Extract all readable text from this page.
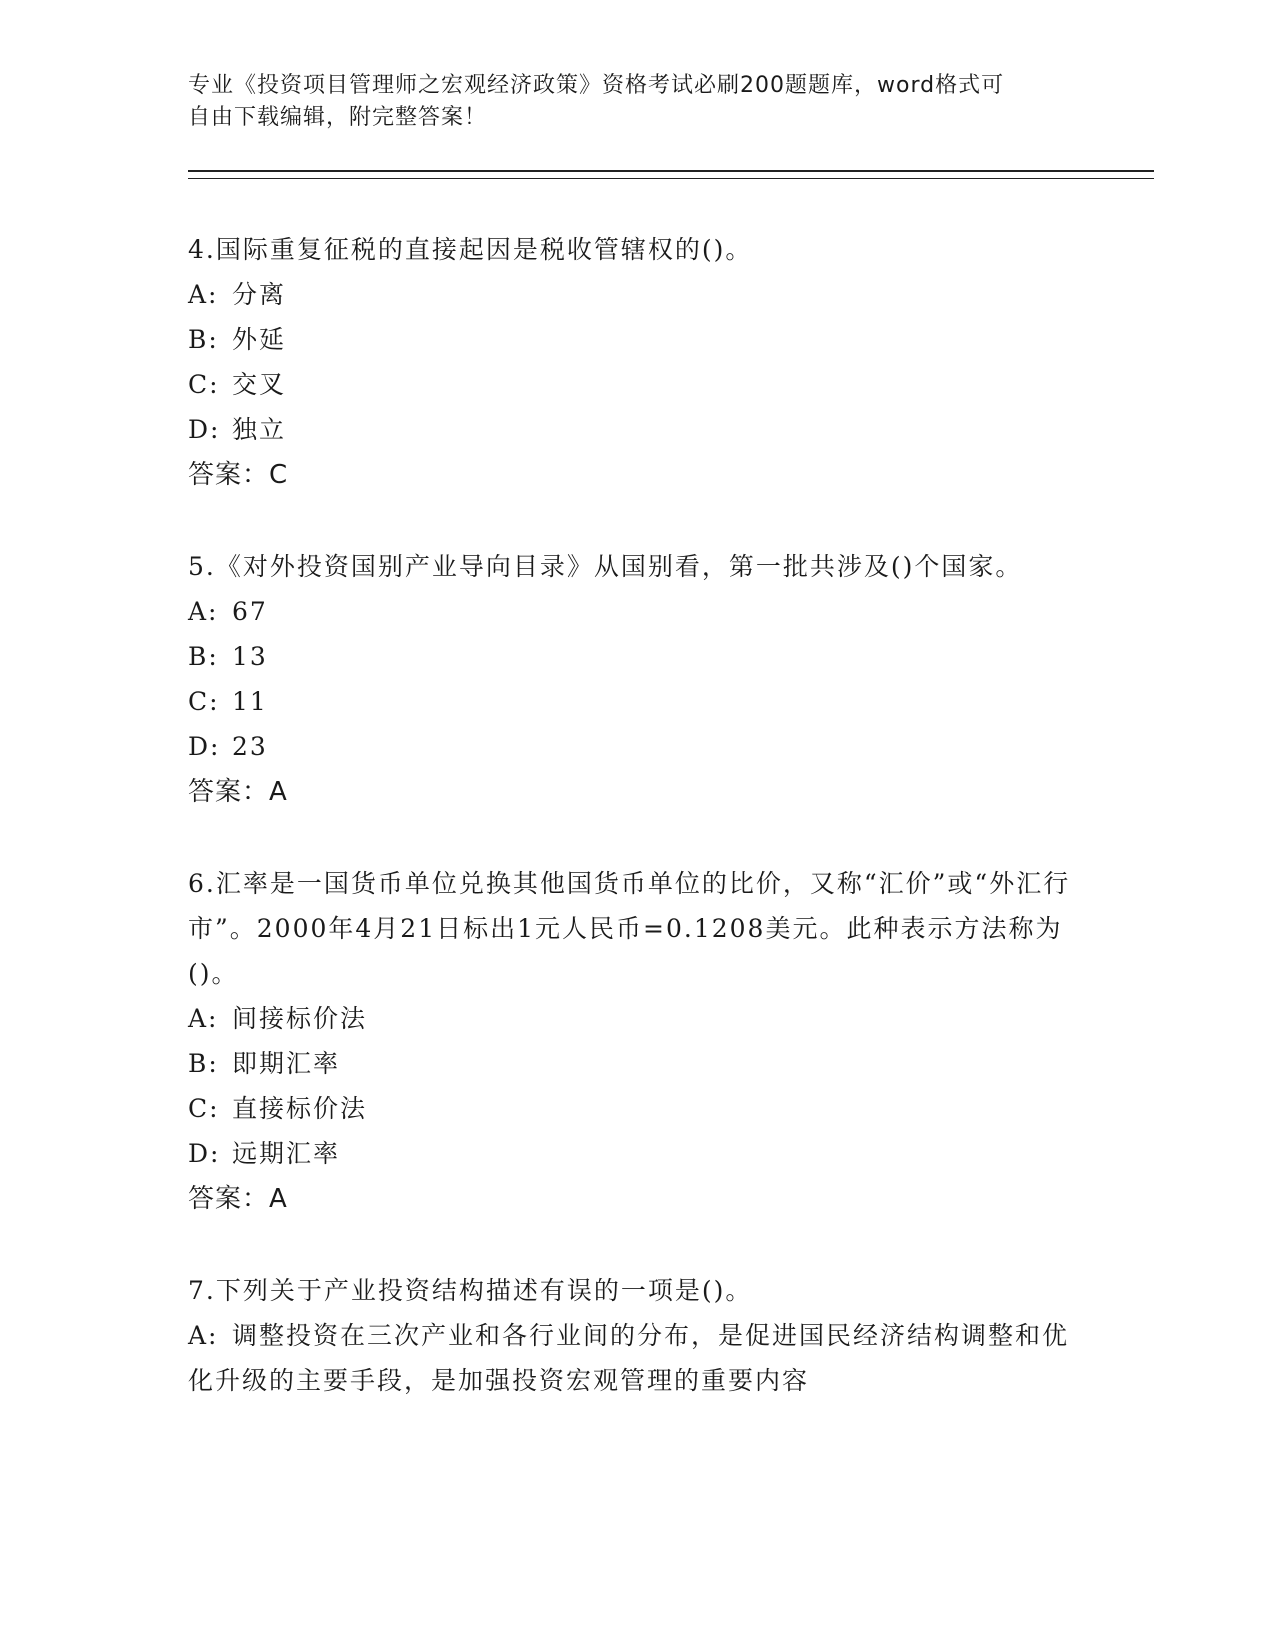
专业《投资项目管理师之宏观经济政策》资格考试必刷200题题库，word格式可
自由下载编辑，附完整答案！
4.国际重复征税的直接起因是税收管辖权的()。
A: 分离
B: 外延
C: 交叉
D: 独立
答案：C
5.《对外投资国别产业导向目录》从国别看，第一批共涉及()个国家。
A: 67
B: 13
C: 11
D: 23
答案：A
6.汇率是一国货币单位兑换其他国货币单位的比价，又称“汇价”或“外汇行市”。2000年4月21日标出1元人民币=0.1208美元。此种表示方法称为()。
A: 间接标价法
B: 即期汇率
C: 直接标价法
D: 远期汇率
答案：A
7.下列关于产业投资结构描述有误的一项是()。
A: 调整投资在三次产业和各行业间的分布，是促进国民经济结构调整和优化升级的主要手段，是加强投资宏观管理的重要内容
